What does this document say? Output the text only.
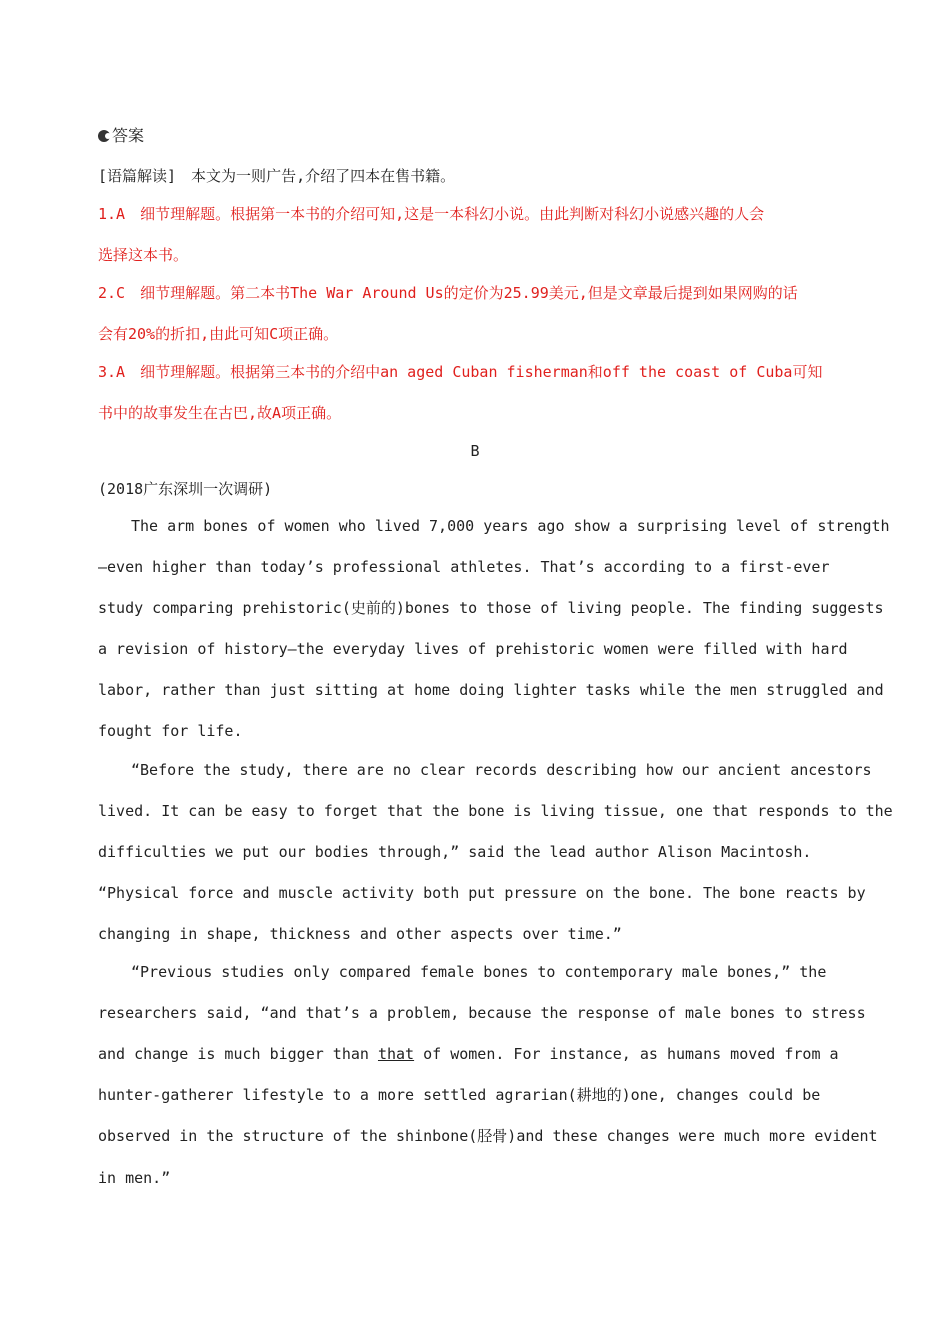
答案
[语篇解读]　本文为一则广告,介绍了四本在售书籍。
1.A　细节理解题。根据第一本书的介绍可知,这是一本科幻小说。由此判断对科幻小说感兴趣的人会
选择这本书。
2.C　细节理解题。第二本书The War Around Us的定价为25.99美元,但是文章最后提到如果网购的话
会有20%的折扣,由此可知C项正确。
3.A　细节理解题。根据第三本书的介绍中an aged Cuban fisherman和off the coast of Cuba可知
书中的故事发生在古巴,故A项正确。
B
(2018广东深圳一次调研)
The arm bones of women who lived 7,000 years ago show a surprising level of strength
—even higher than today’s professional athletes. That’s according to a first-ever
study comparing prehistoric(史前的)bones to those of living people. The finding suggests
a revision of history—the everyday lives of prehistoric women were filled with hard
labor, rather than just sitting at home doing lighter tasks while the men struggled and
fought for life.
“Before the study, there are no clear records describing how our ancient ancestors
lived. It can be easy to forget that the bone is living tissue, one that responds to the
difficulties we put our bodies through,” said the lead author Alison Macintosh.
“Physical force and muscle activity both put pressure on the bone. The bone reacts by
changing in shape, thickness and other aspects over time.”
“Previous studies only compared female bones to contemporary male bones,” the
researchers said, “and that’s a problem, because the response of male bones to stress
and change is much bigger than that of women. For instance, as humans moved from a
hunter-gatherer lifestyle to a more settled agrarian(耕地的)one, changes could be
observed in the structure of the shinbone(胫骨)and these changes were much more evident
in men.”
